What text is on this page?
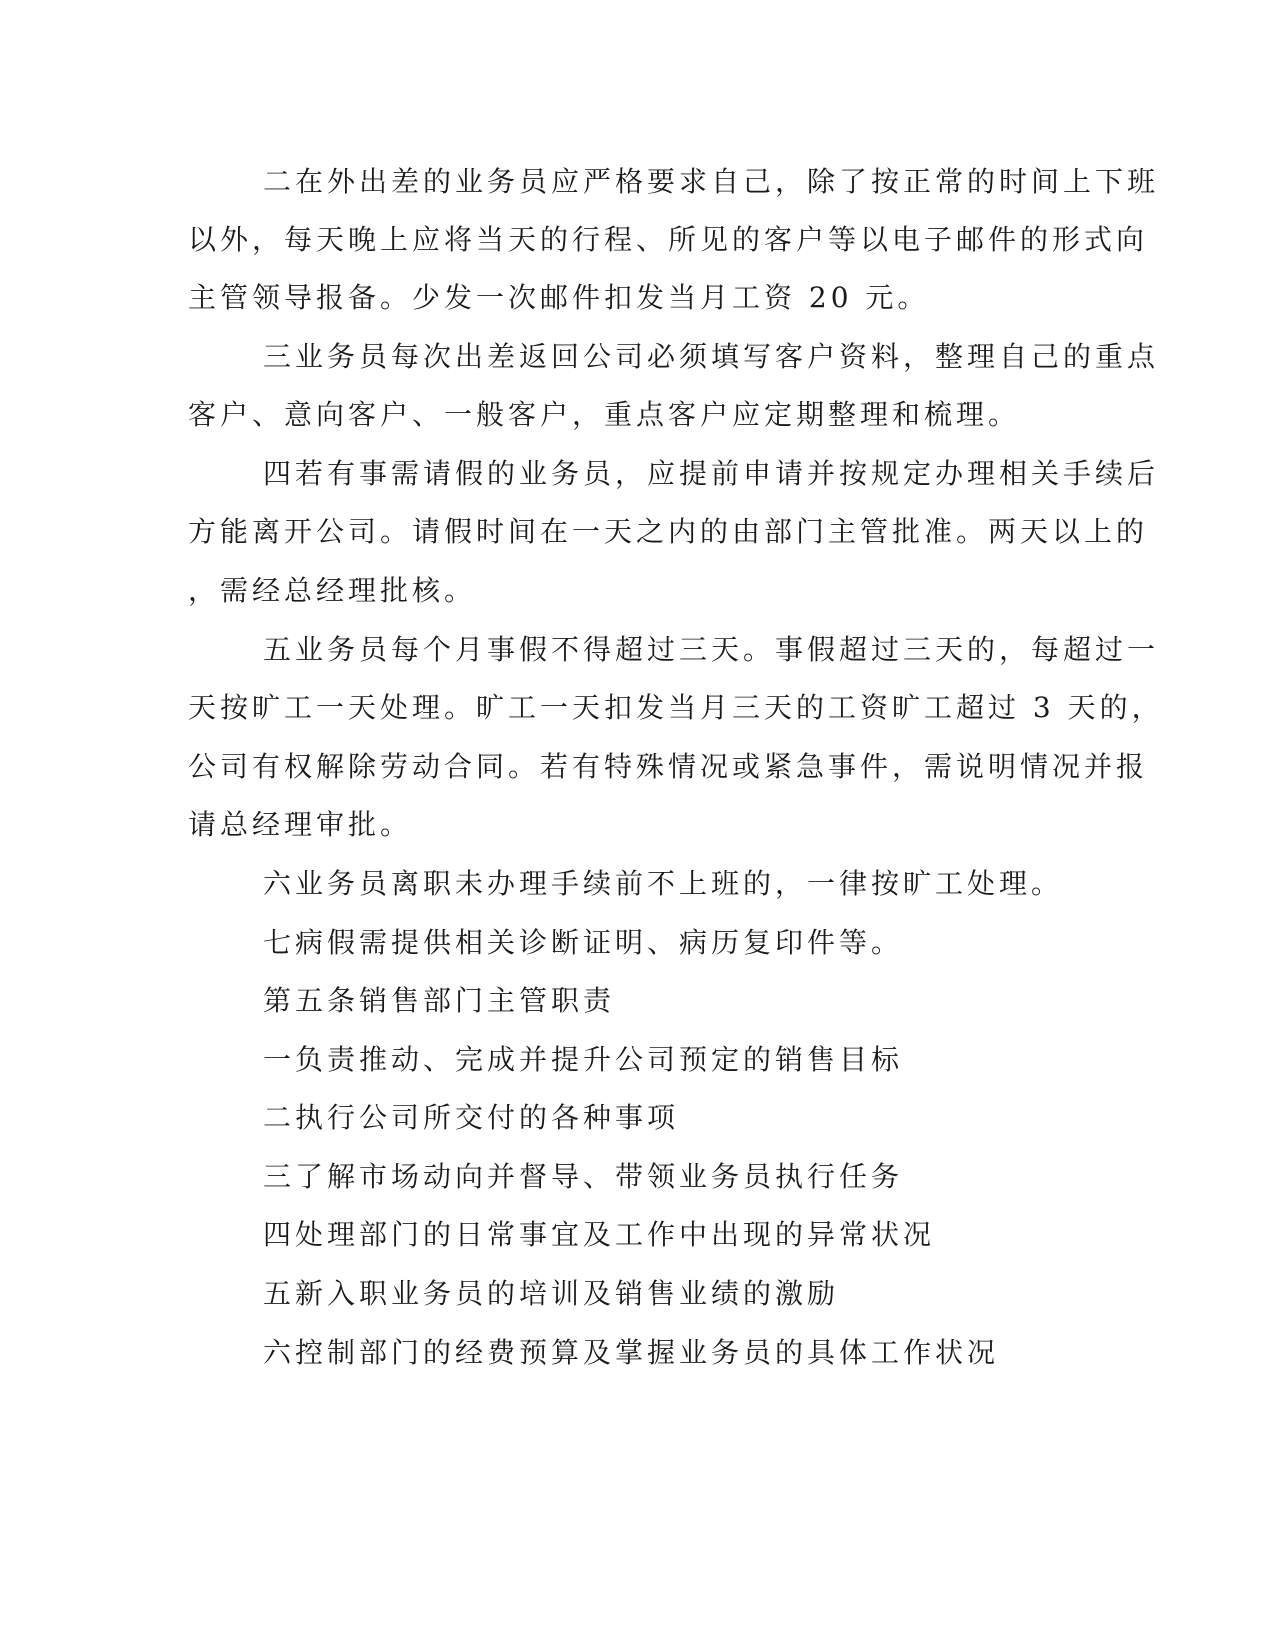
二在外出差的业务员应严格要求自己，除了按正常的时间上下班
以外，每天晚上应将当天的行程、所见的客户等以电子邮件的形式向
主管领导报备。少发一次邮件扣发当月工资 20 元。
三业务员每次出差返回公司必须填写客户资料，整理自己的重点
客户、意向客户、一般客户，重点客户应定期整理和梳理。
四若有事需请假的业务员，应提前申请并按规定办理相关手续后
方能离开公司。请假时间在一天之内的由部门主管批准。两天以上的
，需经总经理批核。
五业务员每个月事假不得超过三天。事假超过三天的，每超过一
天按旷工一天处理。旷工一天扣发当月三天的工资旷工超过 3 天的，
公司有权解除劳动合同。若有特殊情况或紧急事件，需说明情况并报
请总经理审批。
六业务员离职未办理手续前不上班的，一律按旷工处理。
七病假需提供相关诊断证明、病历复印件等。
第五条销售部门主管职责
一负责推动、完成并提升公司预定的销售目标
二执行公司所交付的各种事项
三了解市场动向并督导、带领业务员执行任务
四处理部门的日常事宜及工作中出现的异常状况
五新入职业务员的培训及销售业绩的激励
六控制部门的经费预算及掌握业务员的具体工作状况
